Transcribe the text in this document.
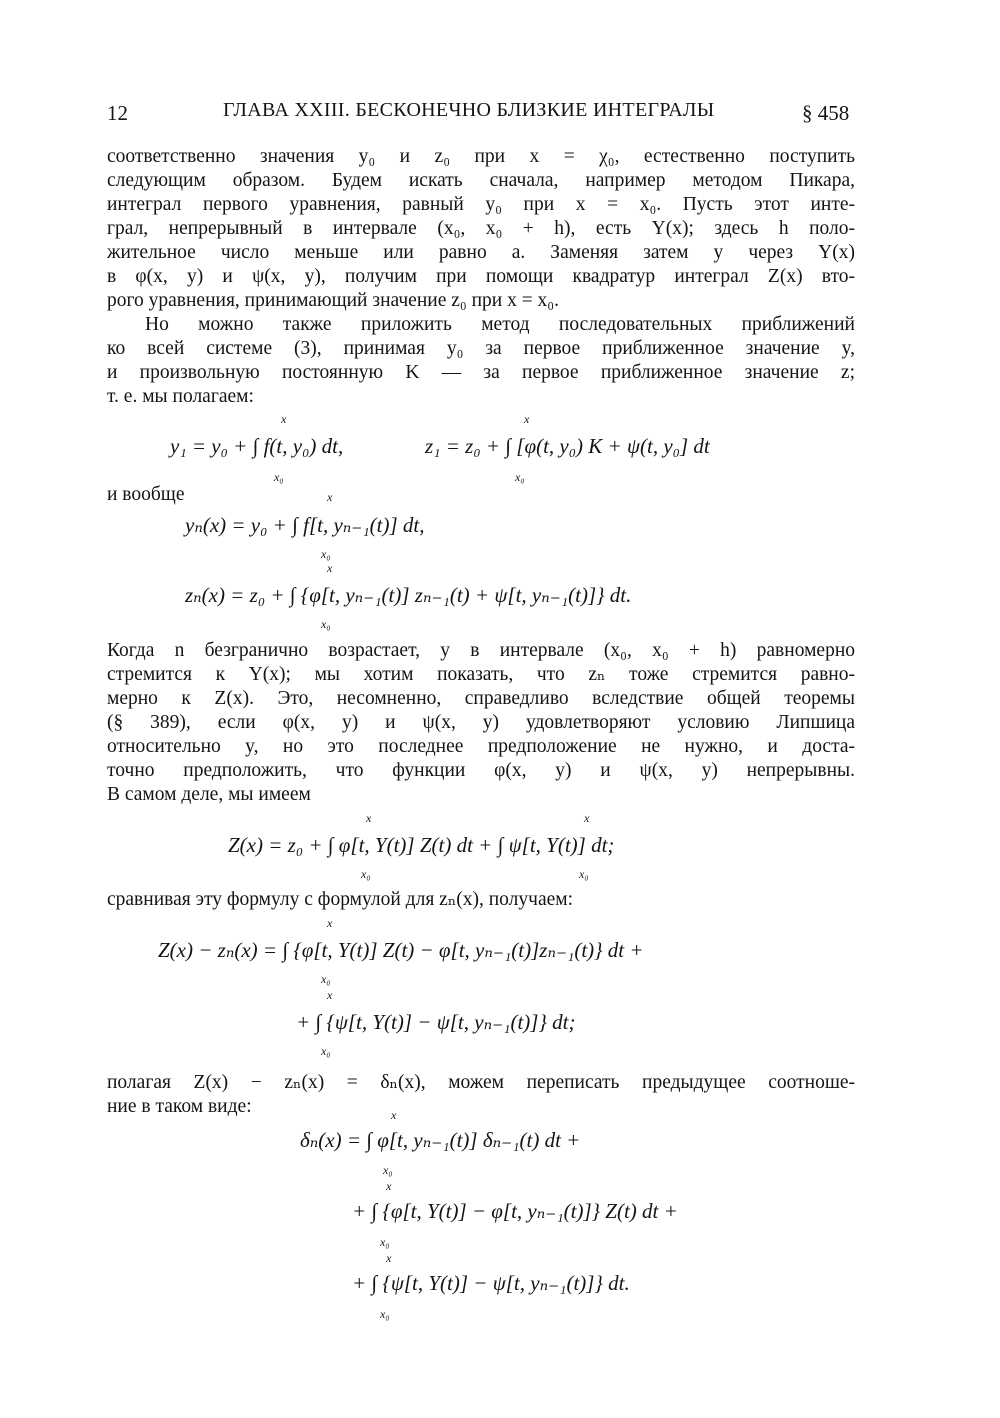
12	ГЛАВА XXIII. БЕСКОНЕЧНО БЛИЗКИЕ ИНТЕГРАЛЫ	§ 458
соответственно значения y₀ и z₀ при x = χ₀, естественно поступить
следующим образом. Будем искать сначала, например методом Пикара,
интеграл первого уравнения, равный y₀ при x = x₀. Пусть этот инте-
грал, непрерывный в интервале (x₀, x₀ + h), есть Y(x); здесь h поло-
жительное число меньше или равно a. Заменяя затем y через Y(x)
в φ(x, y) и ψ(x, y), получим при помощи квадратур интеграл Z(x) вто-
рого уравнения, принимающий значение z₀ при x = x₀.
Но можно также приложить метод последовательных приближений
ко всей системе (3), принимая y₀ за первое приближенное значение y,
и произвольную постоянную K — за первое приближенное значение z;
т. е. мы полагаем:
y₁ = y₀ + ∫ f(t, y₀) dt,
x
x₀
z₁ = z₀ + ∫ [φ(t, y₀) K + ψ(t, y₀] dt
x
x₀
и вообще
yₙ(x) = y₀ + ∫ f[t, yₙ₋₁(t)] dt,
x
x₀
zₙ(x) = z₀ + ∫ {φ[t, yₙ₋₁(t)] zₙ₋₁(t) + ψ[t, yₙ₋₁(t)]} dt.
x
x₀
Когда n безгранично возрастает, y в интервале (x₀, x₀ + h) равномерно
стремится к Y(x); мы хотим показать, что zₙ тоже стремится равно-
мерно к Z(x). Это, несомненно, справедливо вследствие общей теоремы
(§ 389), если φ(x, y) и ψ(x, y) удовлетворяют условию Липшица
относительно y, но это последнее предположение не нужно, и доста-
точно предположить, что функции φ(x, y) и ψ(x, y) непрерывны.
В самом деле, мы имеем
Z(x) = z₀ + ∫ φ[t, Y(t)] Z(t) dt + ∫ ψ[t, Y(t)] dt;
x
x₀
x
x₀
сравнивая эту формулу с формулой для zₙ(x), получаем:
Z(x) − zₙ(x) = ∫ {φ[t, Y(t)] Z(t) − φ[t, yₙ₋₁(t)]zₙ₋₁(t)} dt +
x
x₀
+ ∫ {ψ[t, Y(t)] − ψ[t, yₙ₋₁(t)]} dt;
x
x₀
полагая Z(x) − zₙ(x) = δₙ(x), можем переписать предыдущее соотноше-
ние в таком виде:
δₙ(x) = ∫ φ[t, yₙ₋₁(t)] δₙ₋₁(t) dt +
x
x₀
+ ∫ {φ[t, Y(t)] − φ[t, yₙ₋₁(t)]} Z(t) dt +
x
x₀
+ ∫ {ψ[t, Y(t)] − ψ[t, yₙ₋₁(t)]} dt.
x
x₀
